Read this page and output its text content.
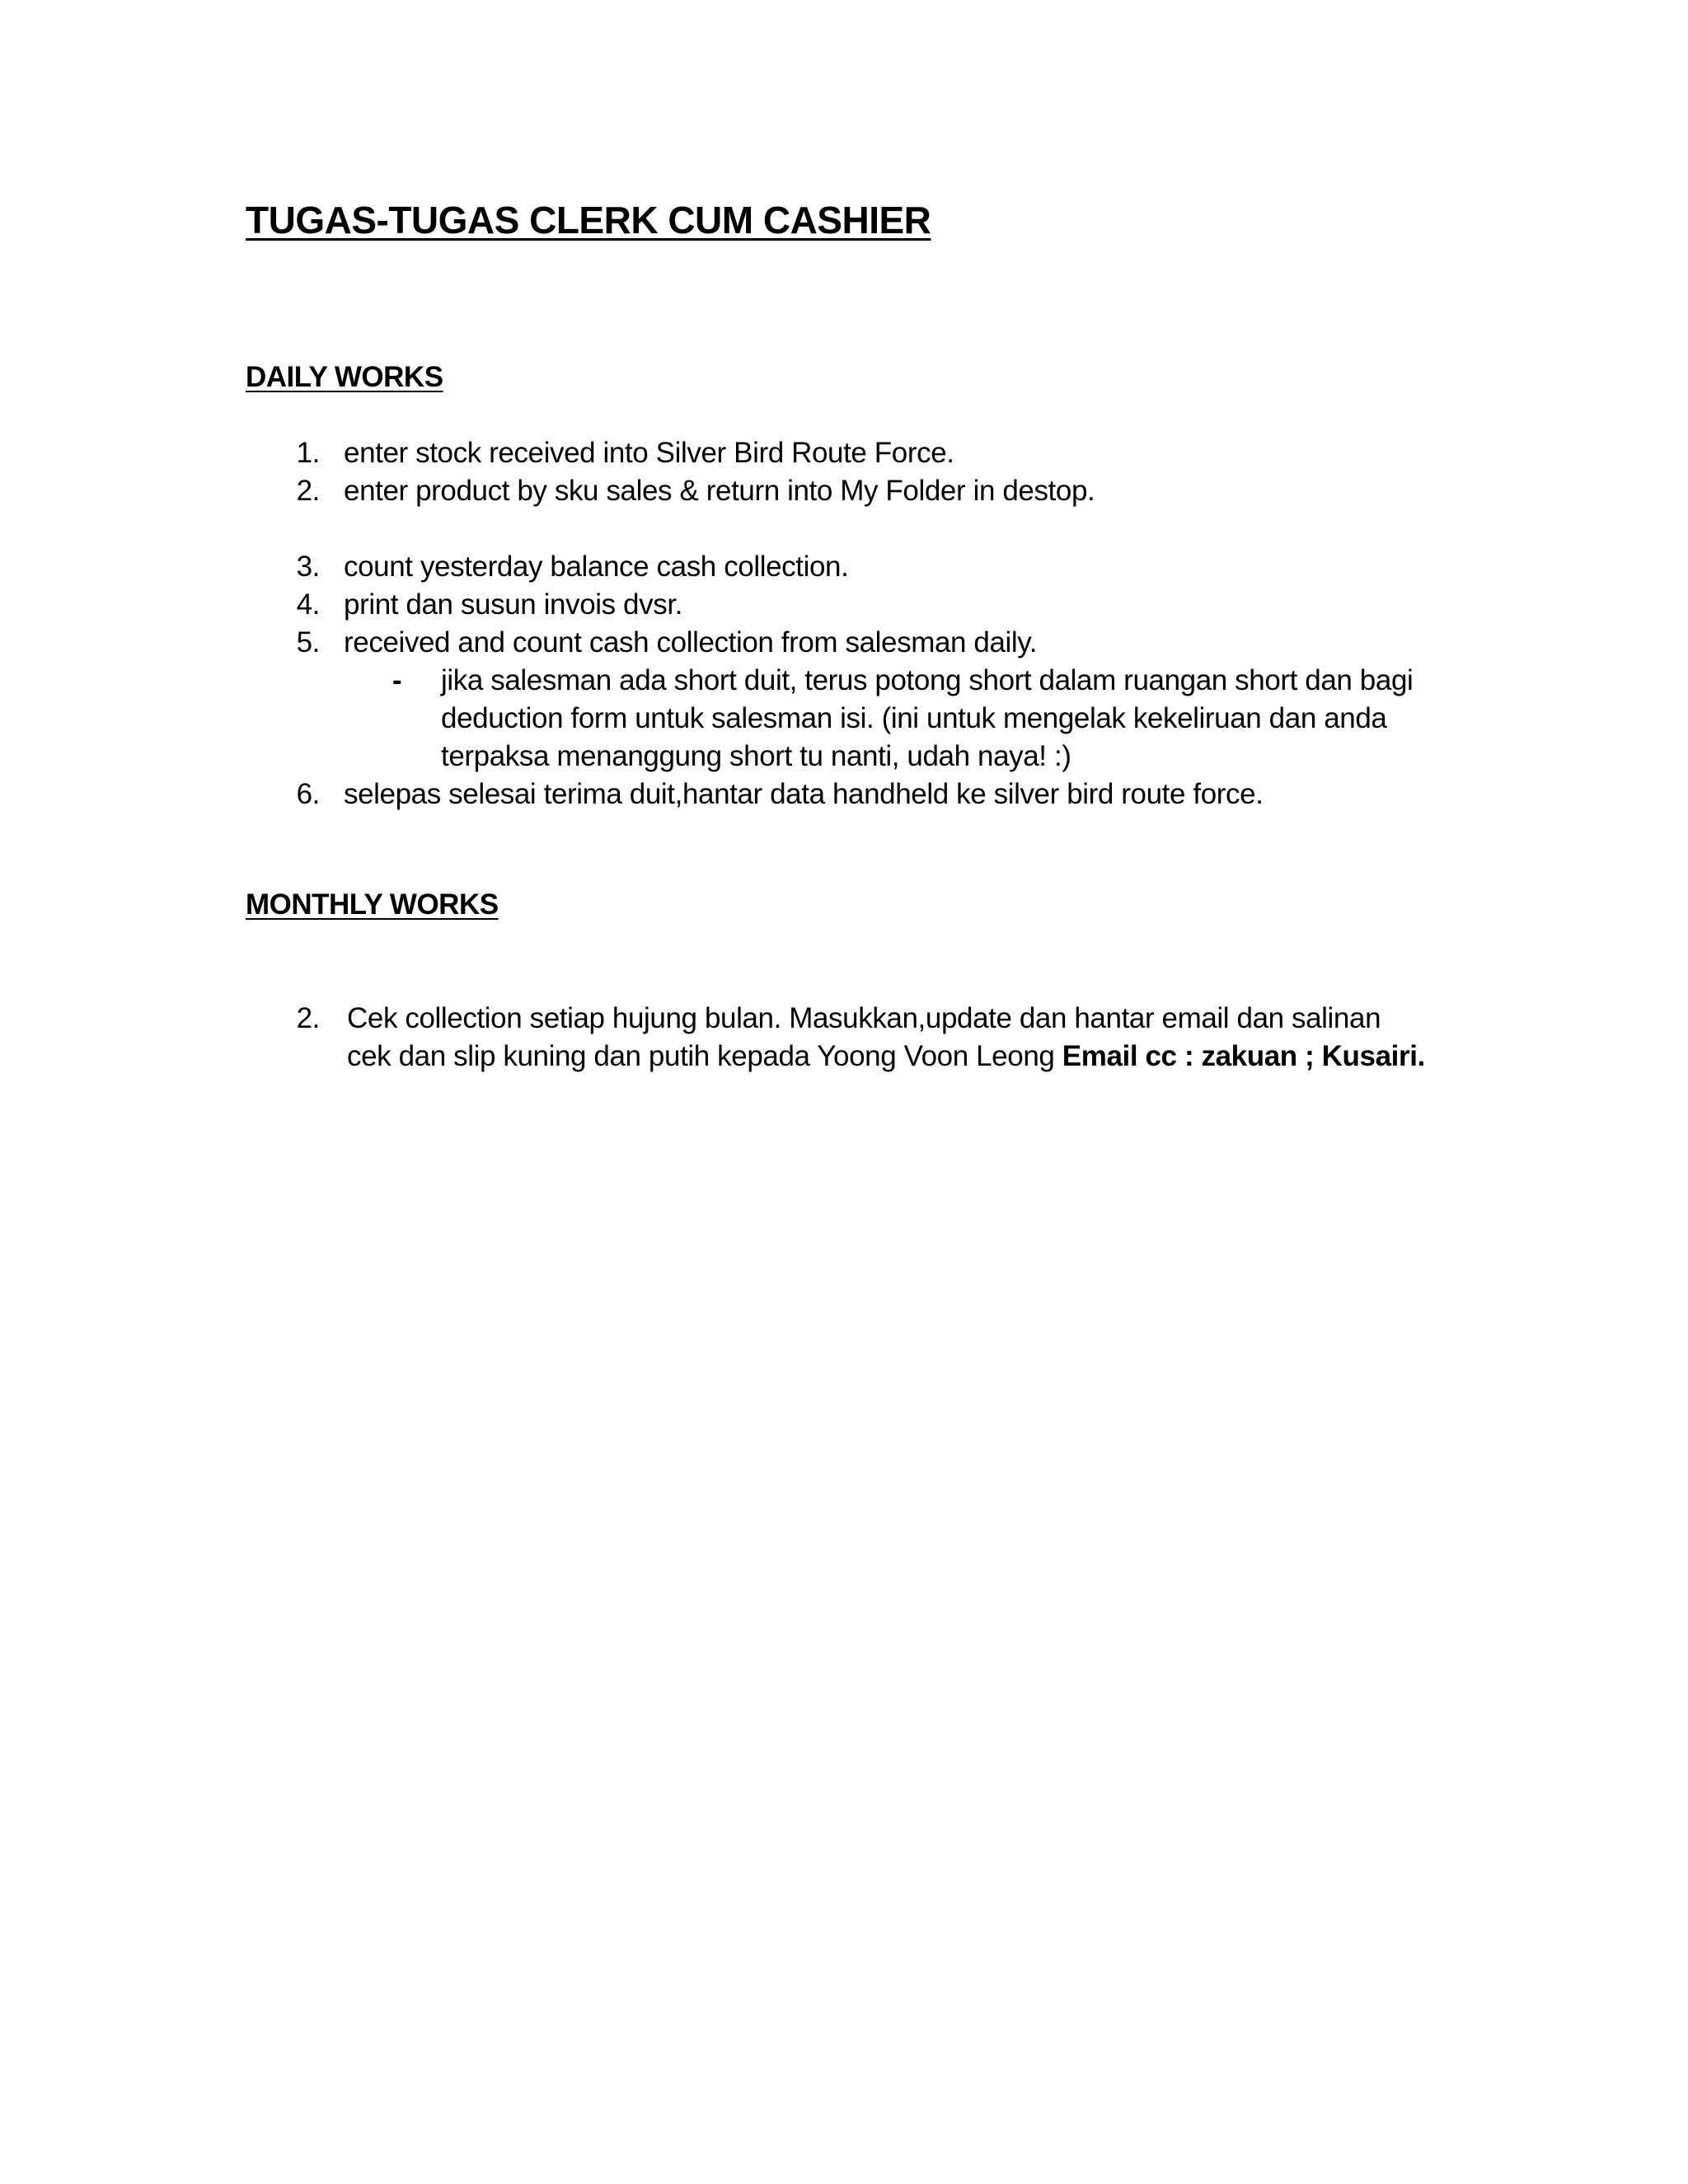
TUGAS-TUGAS CLERK CUM CASHIER
DAILY WORKS
1. enter stock received into Silver Bird Route Force.
2. enter product by sku sales & return into My Folder in destop.
3. count yesterday balance cash collection.
4. print dan susun invois dvsr.
5. received and count cash collection from salesman daily.
- jika salesman ada short duit, terus potong short dalam ruangan short dan bagi
deduction form untuk salesman isi. (ini untuk mengelak kekeliruan dan anda
terpaksa menanggung short tu nanti, udah naya! :)
6. selepas selesai terima duit,hantar data handheld ke silver bird route force.
MONTHLY WORKS
2. Cek collection setiap hujung bulan. Masukkan,update dan hantar email dan salinan
cek dan slip kuning dan putih kepada Yoong Voon Leong Email cc : zakuan ; Kusairi.
